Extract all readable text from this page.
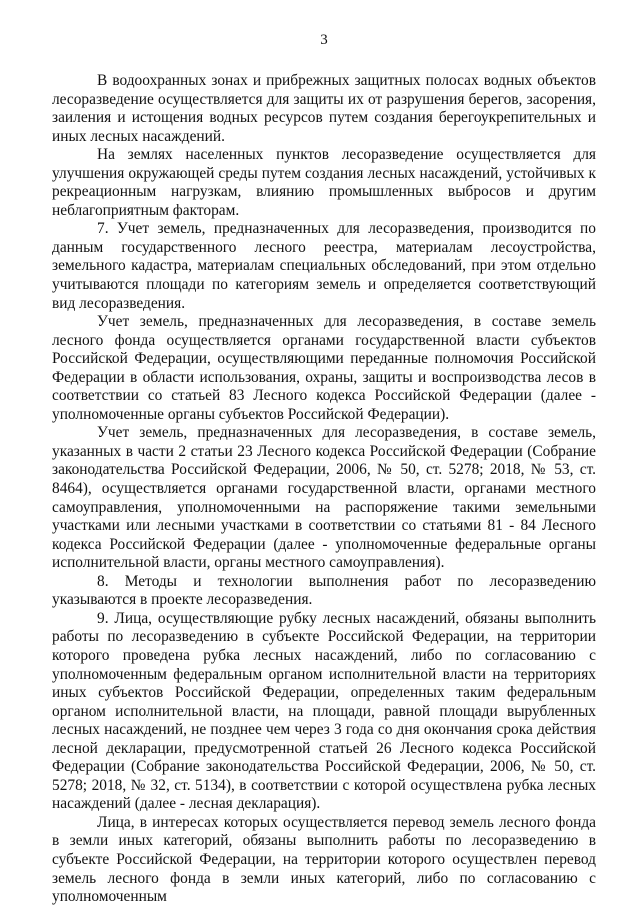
3

В водоохранных зонах и прибрежных защитных полосах водных объектов лесоразведение осуществляется для защиты их от разрушения берегов, засорения, заиления и истощения водных ресурсов путем создания берегоукрепительных и иных лесных насаждений.

На землях населенных пунктов лесоразведение осуществляется для улучшения окружающей среды путем создания лесных насаждений, устойчивых к рекреационным нагрузкам, влиянию промышленных выбросов и другим неблагоприятным факторам.

7. Учет земель, предназначенных для лесоразведения, производится по данным государственного лесного реестра, материалам лесоустройства, земельного кадастра, материалам специальных обследований, при этом отдельно учитываются площади по категориям земель и определяется соответствующий вид лесоразведения.

Учет земель, предназначенных для лесоразведения, в составе земель лесного фонда осуществляется органами государственной власти субъектов Российской Федерации, осуществляющими переданные полномочия Российской Федерации в области использования, охраны, защиты и воспроизводства лесов в соответствии со статьей 83 Лесного кодекса Российской Федерации (далее - уполномоченные органы субъектов Российской Федерации).

Учет земель, предназначенных для лесоразведения, в составе земель, указанных в части 2 статьи 23 Лесного кодекса Российской Федерации (Собрание законодательства Российской Федерации, 2006, № 50, ст. 5278; 2018, № 53, ст. 8464), осуществляется органами государственной власти, органами местного самоуправления, уполномоченными на распоряжение такими земельными участками или лесными участками в соответствии со статьями 81 - 84 Лесного кодекса Российской Федерации (далее - уполномоченные федеральные органы исполнительной власти, органы местного самоуправления).

8. Методы и технологии выполнения работ по лесоразведению указываются в проекте лесоразведения.

9. Лица, осуществляющие рубку лесных насаждений, обязаны выполнить работы по лесоразведению в субъекте Российской Федерации, на территории которого проведена рубка лесных насаждений, либо по согласованию с уполномоченным федеральным органом исполнительной власти на территориях иных субъектов Российской Федерации, определенных таким федеральным органом исполнительной власти, на площади, равной площади вырубленных лесных насаждений, не позднее чем через 3 года со дня окончания срока действия лесной декларации, предусмотренной статьей 26 Лесного кодекса Российской Федерации (Собрание законодательства Российской Федерации, 2006, № 50, ст. 5278; 2018, № 32, ст. 5134), в соответствии с которой осуществлена рубка лесных насаждений (далее - лесная декларация).

Лица, в интересах которых осуществляется перевод земель лесного фонда в земли иных категорий, обязаны выполнить работы по лесоразведению в субъекте Российской Федерации, на территории которого осуществлен перевод земель лесного фонда в земли иных категорий, либо по согласованию с уполномоченным
